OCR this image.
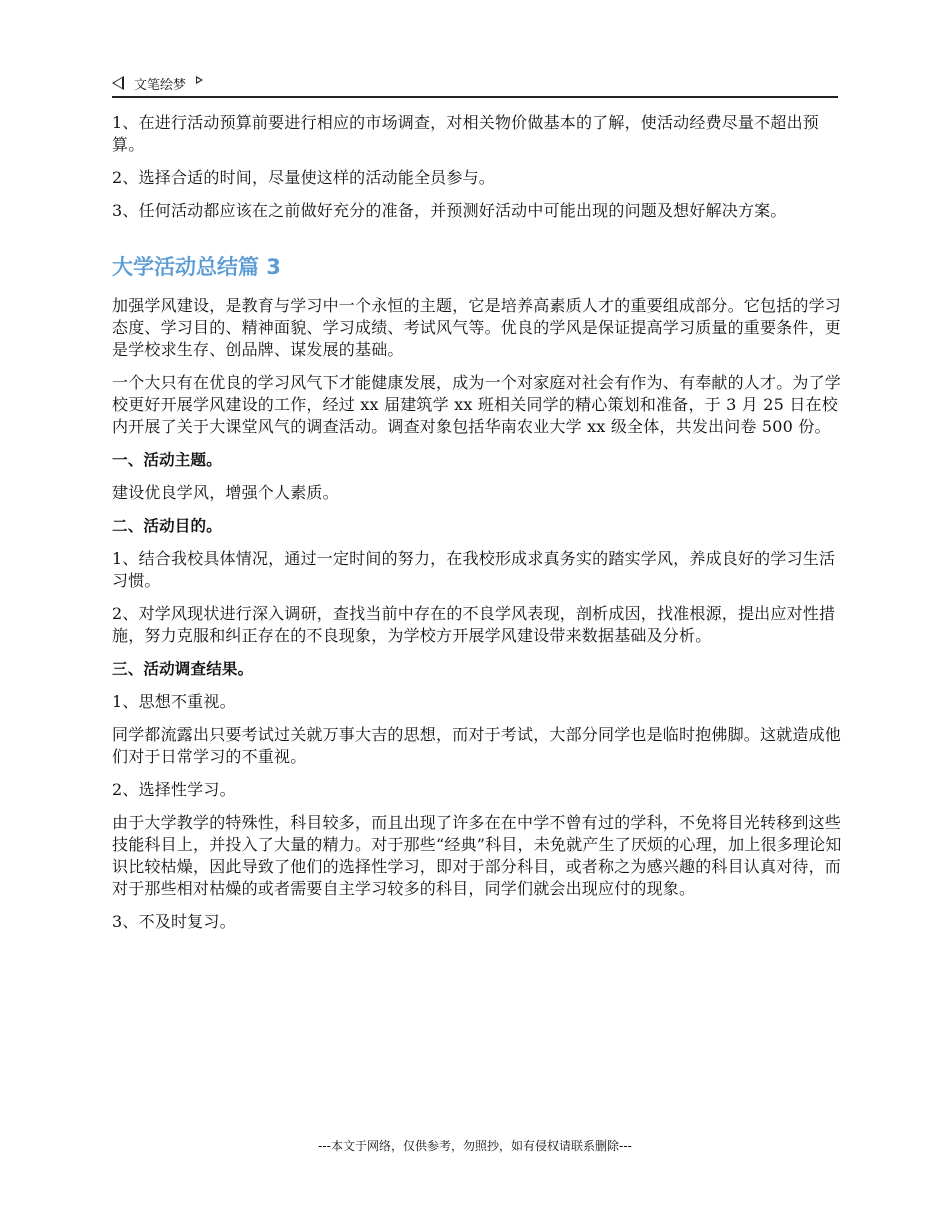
文笔绘梦

1、在进行活动预算前要进行相应的市场调查，对相关物价做基本的了解，使活动经费尽量不超出预算。

2、选择合适的时间，尽量使这样的活动能全员参与。

3、任何活动都应该在之前做好充分的准备，并预测好活动中可能出现的问题及想好解决方案。

大学活动总结篇 3

加强学风建设，是教育与学习中一个永恒的主题，它是培养高素质人才的重要组成部分。它包括的学习态度、学习目的、精神面貌、学习成绩、考试风气等。优良的学风是保证提高学习质量的重要条件，更是学校求生存、创品牌、谋发展的基础。

一个大只有在优良的学习风气下才能健康发展，成为一个对家庭对社会有作为、有奉献的人才。为了学校更好开展学风建设的工作，经过 xx 届建筑学 xx 班相关同学的精心策划和准备，于 3 月 25 日在校内开展了关于大课堂风气的调查活动。调查对象包括华南农业大学 xx 级全体，共发出问卷 500 份。

一、活动主题。

建设优良学风，增强个人素质。

二、活动目的。

1、结合我校具体情况，通过一定时间的努力，在我校形成求真务实的踏实学风，养成良好的学习生活习惯。

2、对学风现状进行深入调研，查找当前中存在的不良学风表现，剖析成因，找准根源，提出应对性措施，努力克服和纠正存在的不良现象，为学校方开展学风建设带来数据基础及分析。

三、活动调查结果。

1、思想不重视。

同学都流露出只要考试过关就万事大吉的思想，而对于考试，大部分同学也是临时抱佛脚。这就造成他们对于日常学习的不重视。

2、选择性学习。

由于大学教学的特殊性，科目较多，而且出现了许多在在中学不曾有过的学科，不免将目光转移到这些技能科目上，并投入了大量的精力。对于那些“经典”科目，未免就产生了厌烦的心理，加上很多理论知识比较枯燥，因此导致了他们的选择性学习，即对于部分科目，或者称之为感兴趣的科目认真对待，而对于那些相对枯燥的或者需要自主学习较多的科目，同学们就会出现应付的现象。

3、不及时复习。

---本文于网络，仅供参考，勿照抄，如有侵权请联系删除---
